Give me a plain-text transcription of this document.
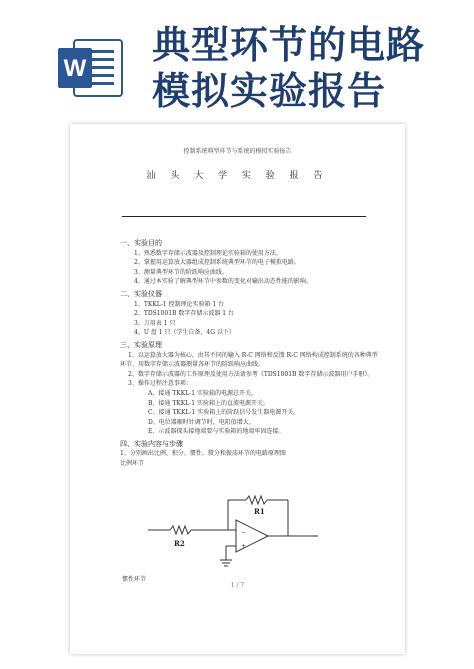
W
典型环节的电路模拟实验报告
控制系统典型环节与系统的模拟实验报告
汕 头 大 学 实 验 报 告
一、实验目的
1、熟悉数字存储示波器及控制理论实验箱的使用方法。
2、掌握用运算放大器组成控制系统典型环节的电子模拟电路。
3、测量典型环节的阶跃响应曲线。
4、通过本实验了解典型环节中参数的变化对输出动态性能的影响。
二、实验仪器
1、TKKL-1 控制理论实验箱 1 台
2、TDS1001B 数字存储示波器 1 台
3、万用表 1 只
4、U 盘 1 只（学生自备，4G 以下）
三、实验原理
1、以运算放大器为核心，由其不同的输入 R-C 网络和反馈 R-C 网络构成控制系统的各种典型环节，用数字存储示波器测量各环节的阶跃响应曲线。
2、数字存储示波器的工作原理及使用方法请参考《TDS1001B 数字存储示波器用户手册》。
3、操作过程注意事项：
A、接通 TKKL-1 实验箱的电源总开关。
B、接通 TKKL-1 实验箱上的直流电源开关。
C、接通 TKKL-1 实验箱上的阶跃信号发生器电源开关。
D、电位器顺时针调节时，电阻值增大。
E、示波器探头接地端要与实验箱的地端牢固连接。
四、实验内容与步骤
1、分别画出比例、积分、惯性、微分和振荡环节的电路原理图
比例环节
−
+
R1
R2
惯性环节
1 / 7
